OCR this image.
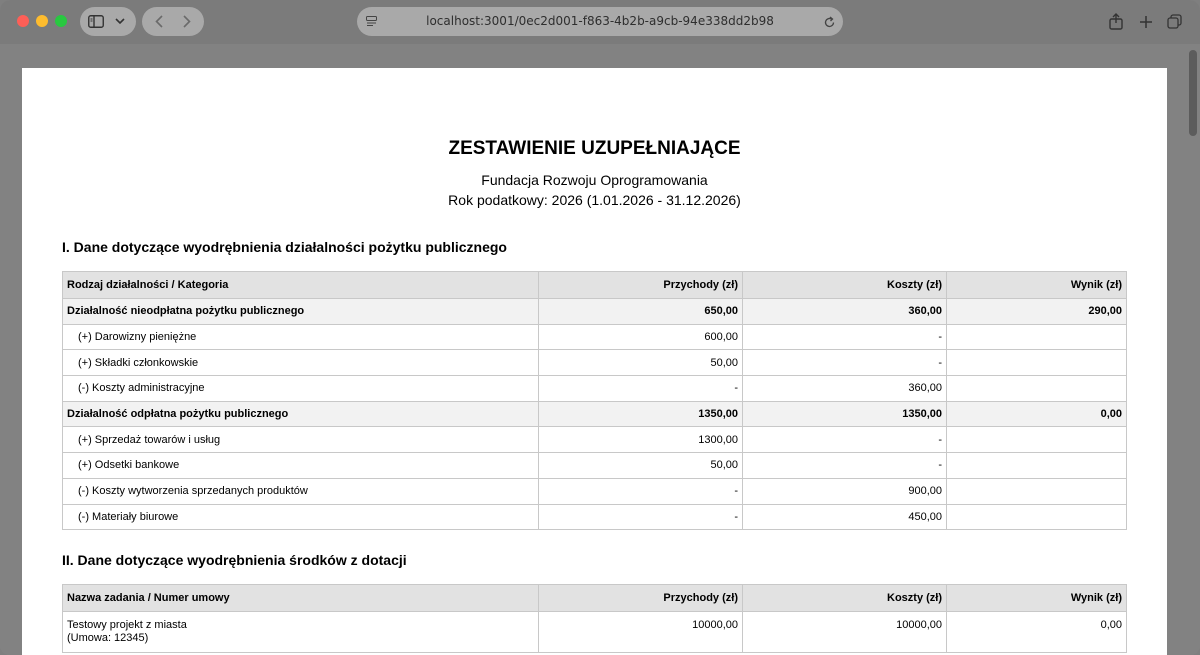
localhost:3001/0ec2d001-f863-4b2b-a9cb-94e338dd2b98
ZESTAWIENIE UZUPEŁNIAJĄCE
Fundacja Rozwoju Oprogramowania
Rok podatkowy: 2026 (1.01.2026 - 31.12.2026)
I. Dane dotyczące wyodrębnienia działalności pożytku publicznego
Rodzaj działalności / Kategoria	Przychody (zł)	Koszty (zł)	Wynik (zł)
Działalność nieodpłatna pożytku publicznego	650,00	360,00	290,00
(+) Darowizny pieniężne	600,00	-	
(+) Składki członkowskie	50,00	-	
(-) Koszty administracyjne	-	360,00	
Działalność odpłatna pożytku publicznego	1350,00	1350,00	0,00
(+) Sprzedaż towarów i usług	1300,00	-	
(+) Odsetki bankowe	50,00	-	
(-) Koszty wytworzenia sprzedanych produktów	-	900,00	
(-) Materiały biurowe	-	450,00	
II. Dane dotyczące wyodrębnienia środków z dotacji
Nazwa zadania / Numer umowy	Przychody (zł)	Koszty (zł)	Wynik (zł)

Testowy projekt z miasta
(Umowa: 12345)	10000,00	10000,00	0,00
